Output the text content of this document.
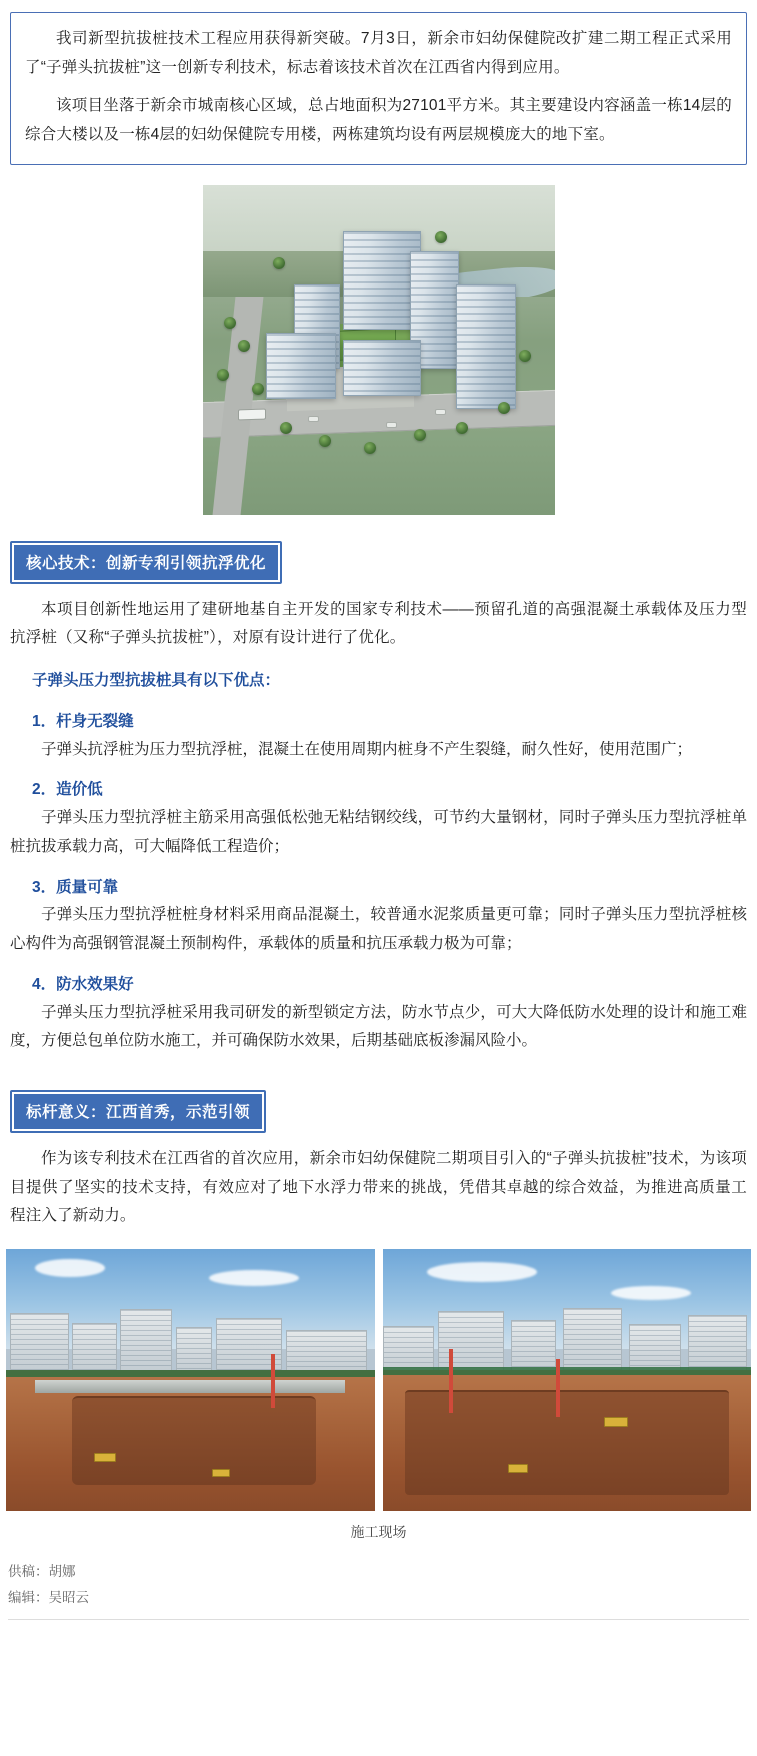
我司新型抗拔桩技术工程应用获得新突破。7月3日，新余市妇幼保健院改扩建二期工程正式采用了“子弹头抗拔桩”这一创新专利技术，标志着该技术首次在江西省内得到应用。

该项目坐落于新余市城南核心区域，总占地面积为27101平方米。其主要建设内容涵盖一栋14层的综合大楼以及一栋4层的妇幼保健院专用楼，两栋建筑均设有两层规模庞大的地下室。

核心技术：创新专利引领抗浮优化

本项目创新性地运用了建研地基自主开发的国家专利技术——预留孔道的高强混凝土承载体及压力型抗浮桩（又称“子弹头抗拔桩”），对原有设计进行了优化。

子弹头压力型抗拔桩具有以下优点：
1．杆身无裂缝
子弹头抗浮桩为压力型抗浮桩，混凝土在使用周期内桩身不产生裂缝，耐久性好，使用范围广；
2．造价低
子弹头压力型抗浮桩主筋采用高强低松弛无粘结钢绞线，可节约大量钢材，同时子弹头压力型抗浮桩单桩抗拔承载力高，可大幅降低工程造价；
3．质量可靠
子弹头压力型抗浮桩桩身材料采用商品混凝土，较普通水泥浆质量更可靠；同时子弹头压力型抗浮桩核心构件为高强钢管混凝土预制构件，承载体的质量和抗压承载力极为可靠；
4．防水效果好
子弹头压力型抗浮桩采用我司研发的新型锁定方法，防水节点少，可大大降低防水处理的设计和施工难度，方便总包单位防水施工，并可确保防水效果，后期基础底板渗漏风险小。
标杆意义：江西首秀，示范引领

作为该专利技术在江西省的首次应用，新余市妇幼保健院二期项目引入的“子弹头抗拔桩”技术，为该项目提供了坚实的技术支持，有效应对了地下水浮力带来的挑战，凭借其卓越的综合效益，为推进高质量工程注入了新动力。

施工现场
供稿：胡娜
编辑：吴昭云
